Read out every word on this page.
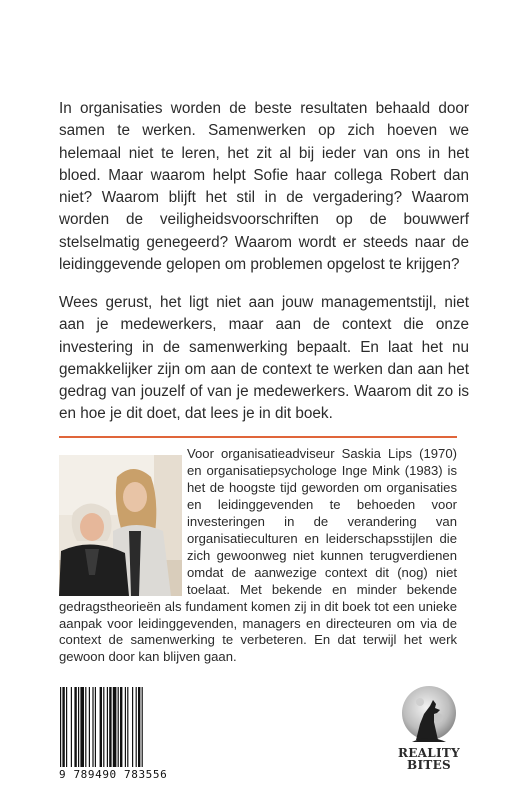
In organisaties worden de beste resultaten behaald door samen te werken. Samenwerken op zich hoeven we helemaal niet te leren, het zit al bij ieder van ons in het bloed. Maar waarom helpt Sofie haar collega Robert dan niet? Waarom blijft het stil in de vergadering? Waarom worden de veiligheidsvoorschriften op de bouwwerf stelselmatig genegeerd? Waarom wordt er steeds naar de leidinggevende gelopen om problemen opgelost te krijgen?

Wees gerust, het ligt niet aan jouw managementstijl, niet aan je medewerkers, maar aan de context die onze investering in de samenwerking bepaalt. En laat het nu gemakkelijker zijn om aan de context te werken dan aan het gedrag van jouzelf of van je medewerkers. Waarom dit zo is en hoe je dit doet, dat lees je in dit boek.

Voor organisatieadviseur Saskia Lips (1970) en organisatiepsychologe Inge Mink (1983) is het de hoogste tijd geworden om organisaties en leidinggevenden te behoeden voor investeringen in de verandering van organisatieculturen en leiderschapsstijlen die zich gewoonweg niet kunnen terugverdienen omdat de aanwezige context dit (nog) niet toelaat. Met bekende en minder bekende gedragstheorieën als fundament komen zij in dit boek tot een unieke aanpak voor leidinggevenden, managers en directeuren om via de context de samenwerking te verbeteren. En dat terwijl het werk gewoon door kan blijven gaan.

9 789490 783556
REALITY
BITES
